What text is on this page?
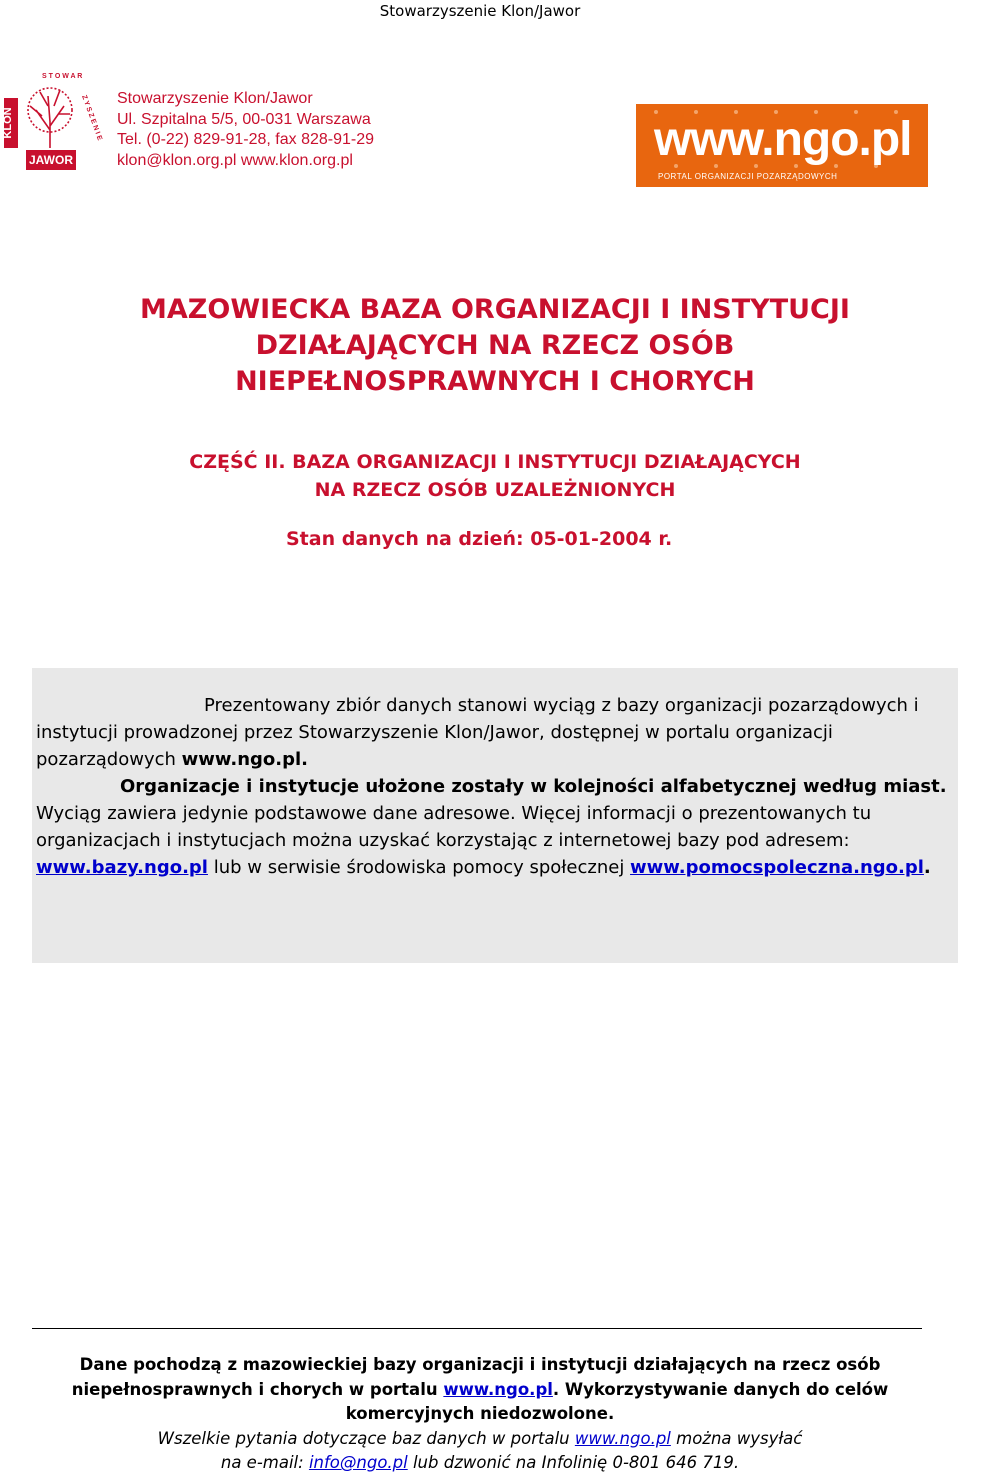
Stowarzyszenie Klon/Jawor
KLON
JAWOR
S T O W A R
Z Y S Z E N I E Stowarzyszenie Klon/Jawor
Ul. Szpitalna 5/5, 00-031 Warszawa
Tel. (0-22) 829-91-28, fax 828-91-29
klon@klon.org.pl www.klon.org.pl	www.ngo.pl
PORTAL ORGANIZACJI POZARZĄDOWYCH
MAZOWIECKA BAZA ORGANIZACJI I INSTYTUCJI
DZIAŁAJĄCYCH NA RZECZ OSÓB
NIEPEŁNOSPRAWNYCH I CHORYCH
CZĘŚĆ II. BAZA ORGANIZACJI I INSTYTUCJI DZIAŁAJĄCYCH
NA RZECZ OSÓB UZALEŻNIONYCH
Stan danych na dzień: 05-01-2004 r.
Prezentowany zbiór danych stanowi wyciąg z bazy organizacji pozarządowych i instytucji prowadzonej przez Stowarzyszenie Klon/Jawor, dostępnej w portalu organizacji pozarządowych www.ngo.pl.
Organizacje i instytucje ułożone zostały w kolejności alfabetycznej według miast. Wyciąg zawiera jedynie podstawowe dane adresowe. Więcej informacji o prezentowanych tu organizacjach i instytucjach można uzyskać korzystając z internetowej bazy pod adresem: www.bazy.ngo.pl lub w serwisie środowiska pomocy społecznej www.pomocspoleczna.ngo.pl.
Dane pochodzą z mazowieckiej bazy organizacji i instytucji działających na rzecz osób
niepełnosprawnych i chorych w portalu www.ngo.pl. Wykorzystywanie danych do celów
komercyjnych niedozwolone.
Wszelkie pytania dotyczące baz danych w portalu www.ngo.pl można wysyłać
na e-mail: info@ngo.pl lub dzwonić na Infolinię 0-801 646 719.
